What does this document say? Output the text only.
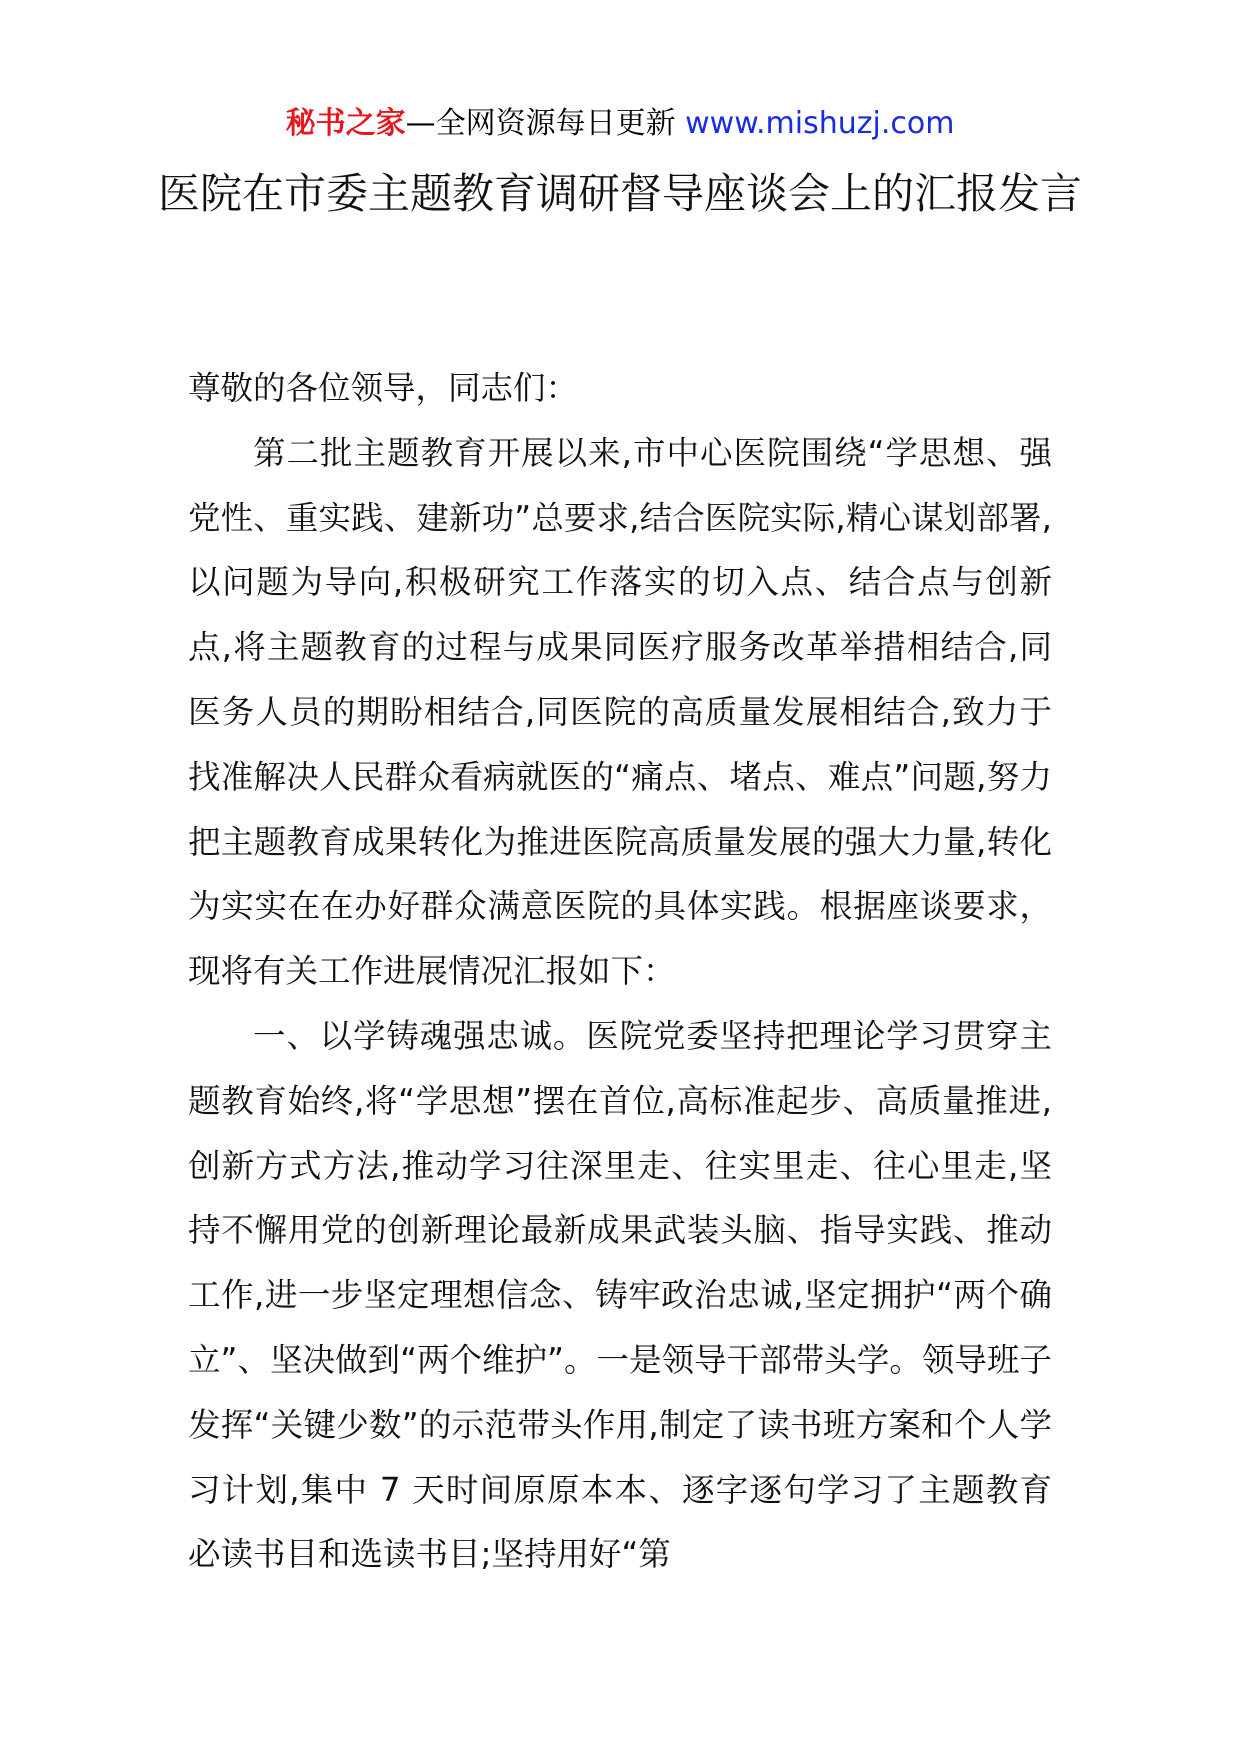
秘书之家—全网资源每日更新 www.mishuzj.com
医院在市委主题教育调研督导座谈会上的汇报发言

尊敬的各位领导，同志们：

第二批主题教育开展以来,市中心医院围绕“学思想、强党性、重实践、建新功”总要求,结合医院实际,精心谋划部署,以问题为导向,积极研究工作落实的切入点、结合点与创新点,将主题教育的过程与成果同医疗服务改革举措相结合,同医务人员的期盼相结合,同医院的高质量发展相结合,致力于找准解决人民群众看病就医的“痛点、堵点、难点”问题,努力把主题教育成果转化为推进医院高质量发展的强大力量,转化为实实在在办好群众满意医院的具体实践。根据座谈要求，现将有关工作进展情况汇报如下：

一、以学铸魂强忠诚。医院党委坚持把理论学习贯穿主题教育始终,将“学思想”摆在首位,高标准起步、高质量推进,创新方式方法,推动学习往深里走、往实里走、往心里走,坚持不懈用党的创新理论最新成果武装头脑、指导实践、推动工作,进一步坚定理想信念、铸牢政治忠诚,坚定拥护“两个确立”、坚决做到“两个维护”。一是领导干部带头学。领导班子发挥“关键少数”的示范带头作用,制定了读书班方案和个人学习计划,集中 7 天时间原原本本、逐字逐句学习了主题教育必读书目和选读书目;坚持用好“第
